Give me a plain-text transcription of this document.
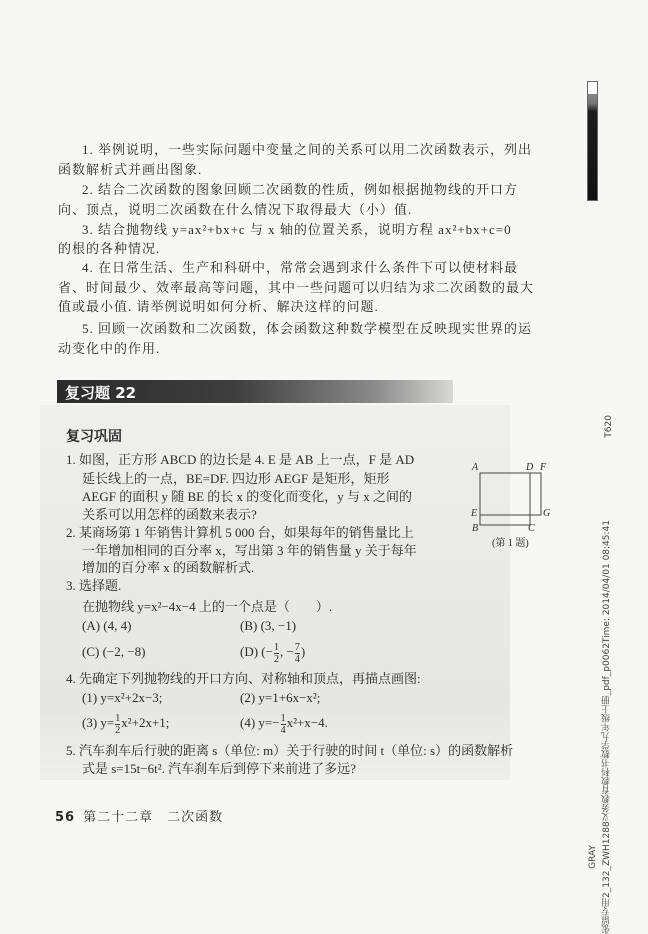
1. 举例说明，一些实际问题中变量之间的关系可以用二次函数表示，列出
函数解析式并画出图象.
2. 结合二次函数的图象回顾二次函数的性质，例如根据抛物线的开口方
向、顶点，说明二次函数在什么情况下取得最大（小）值.
3. 结合抛物线 y=ax²+bx+c 与 x 轴的位置关系，说明方程 ax²+bx+c=0
的根的各种情况.
4. 在日常生活、生产和科研中，常常会遇到求什么条件下可以使材料最
省、时间最少、效率最高等问题，其中一些问题可以归结为求二次函数的最大
值或最小值. 请举例说明如何分析、解决这样的问题.
5. 回顾一次函数和二次函数，体会函数这种数学模型在反映现实世界的运
动变化中的作用.
复习题 22
复习巩固
1. 如图，正方形 ABCD 的边长是 4. E 是 AB 上一点，F 是 AD
延长线上的一点，BE=DF. 四边形 AEGF 是矩形，矩形
AEGF 的面积 y 随 BE 的长 x 的变化而变化，y 与 x 之间的
关系可以用怎样的函数来表示?
2. 某商场第 1 年销售计算机 5 000 台，如果每年的销售量比上
一年增加相同的百分率 x，写出第 3 年的销售量 y 关于每年
增加的百分率 x 的函数解析式.
A	D F
E	G
B	C
(第 1 题)
3. 选择题.
在抛物线 y=x²−4x−4 上的一个点是（　　）.
(A) (4, 4)	(B) (3, −1)
(C) (−2, −8)	(D) (− $\frac{1}{2}$ , − $\frac{7}{4}$ )
4. 先确定下列抛物线的开口方向、对称轴和顶点，再描点画图:
(1) y=x²+2x−3;	(2) y=1+6x−x²;
(3) $y= \frac{1}{2} x^2+2x+1$;	(4) $y=- \frac{1}{4} x^2+x-4$.
5. 汽车刹车后行驶的距离 s（单位: m）关于行驶的时间 t（单位: s）的函数解析
式是 s=15t−6t². 汽车刹车后到停下来前进了多远?
56 第二十二章　二次函数
T620
张留专用2_132_ZWH1288义务教育教科书数学九年级上册_pdf_p0062Time: 2014/04/01 08:45:41
GRAY
